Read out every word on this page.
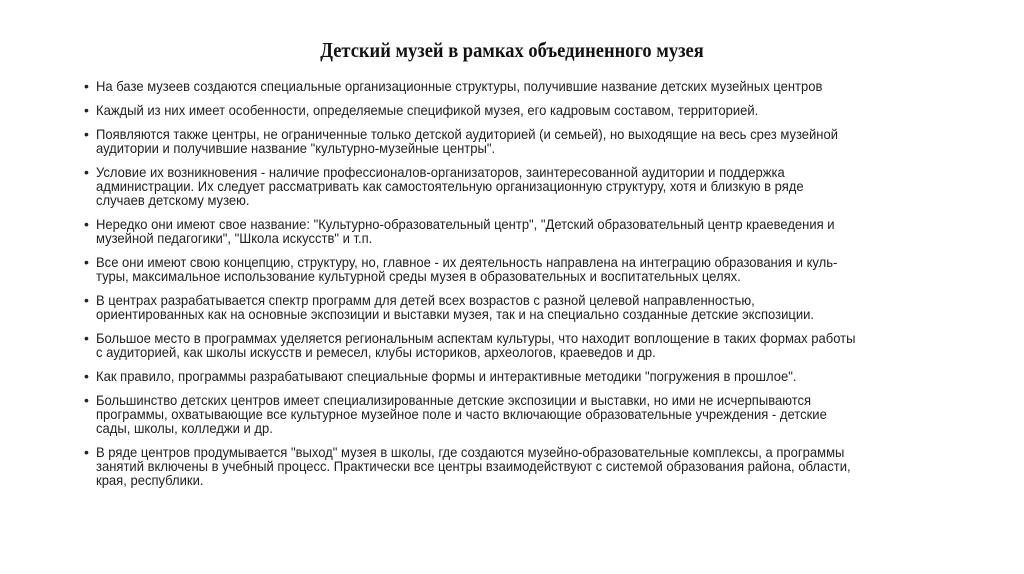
Детский музей в рамках объединенного музея
• На базе музеев создаются специальные организационные структуры, получившие название детских музейных центров
• Каждый из них имеет особенности, определяемые спецификой музея, его кадровым составом, территорией.
• Появляются также центры, не ограниченные только детской аудиторией (и семьей), но выходящие на весь срез музейной
аудитории и получившие название "культурно-музейные центры".
• Условие их возникновения - наличие профессионалов-организаторов, заинтересованной аудитории и поддержка
администрации. Их следует рассматривать как самостоятельную организационную структуру, хотя и близкую в ряде
случаев детскому музею.
• Нередко они имеют свое название: "Культурно-образовательный центр", "Детский образовательный центр краеведения и
музейной педагогики", "Школа искусств" и т.п.
• Все они имеют свою концепцию, структуру, но, главное - их деятельность направлена на интеграцию образования и куль-
туры, максимальное использование культурной среды музея в образовательных и воспитательных целях.
• В центрах разрабатывается спектр программ для детей всех возрастов с разной целевой направленностью,
ориентированных как на основные экспозиции и выставки музея, так и на специально созданные детские экспозиции.
• Большое место в программах уделяется региональным аспектам культуры, что находит воплощение в таких формах работы
с аудиторией, как школы искусств и ремесел, клубы историков, археологов, краеведов и др.
• Как правило, программы разрабатывают специальные формы и интерактивные методики "погружения в прошлое".
• Большинство детских центров имеет специализированные детские экспозиции и выставки, но ими не исчерпываются
программы, охватывающие все культурное музейное поле и часто включающие образовательные учреждения - детские
сады, школы, колледжи и др.
• В ряде центров продумывается "выход" музея в школы, где создаются музейно-образовательные комплексы, а программы
занятий включены в учебный процесс. Практически все центры взаимодействуют с системой образования района, области,
края, республики.
